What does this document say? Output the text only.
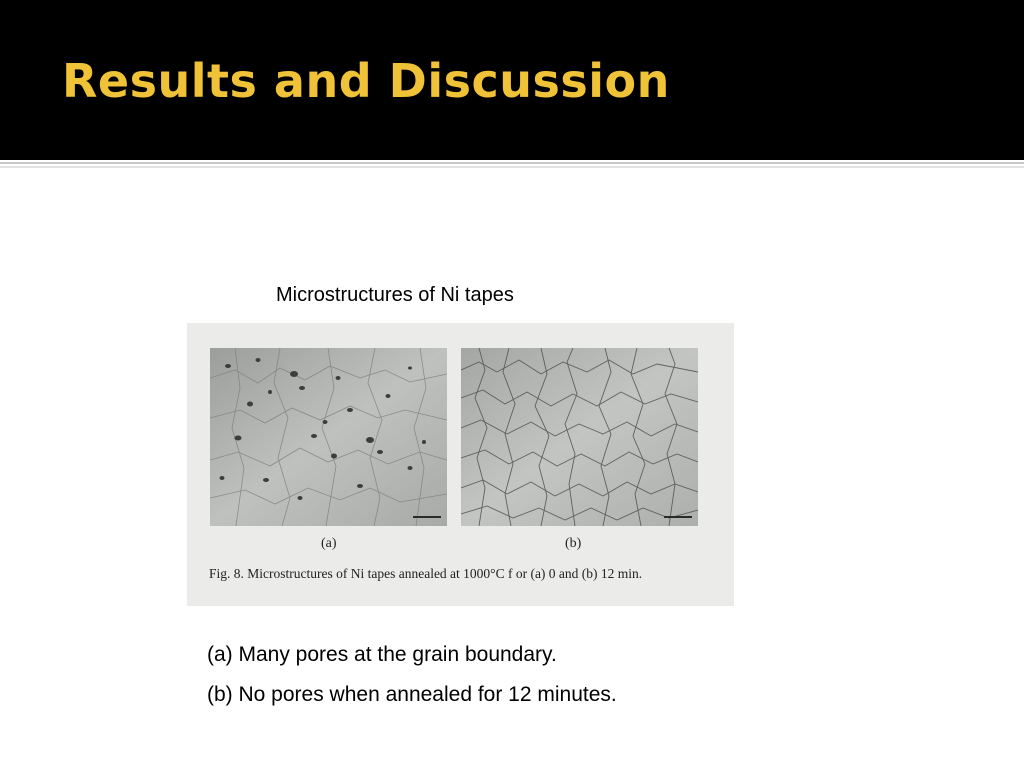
Results and Discussion
Microstructures of Ni tapes
(a)	(b)
Fig. 8. Microstructures of Ni tapes annealed at 1000°C f or (a) 0 and (b) 12 min.

(a) Many pores at the grain boundary.

(b) No pores when annealed for 12 minutes.
